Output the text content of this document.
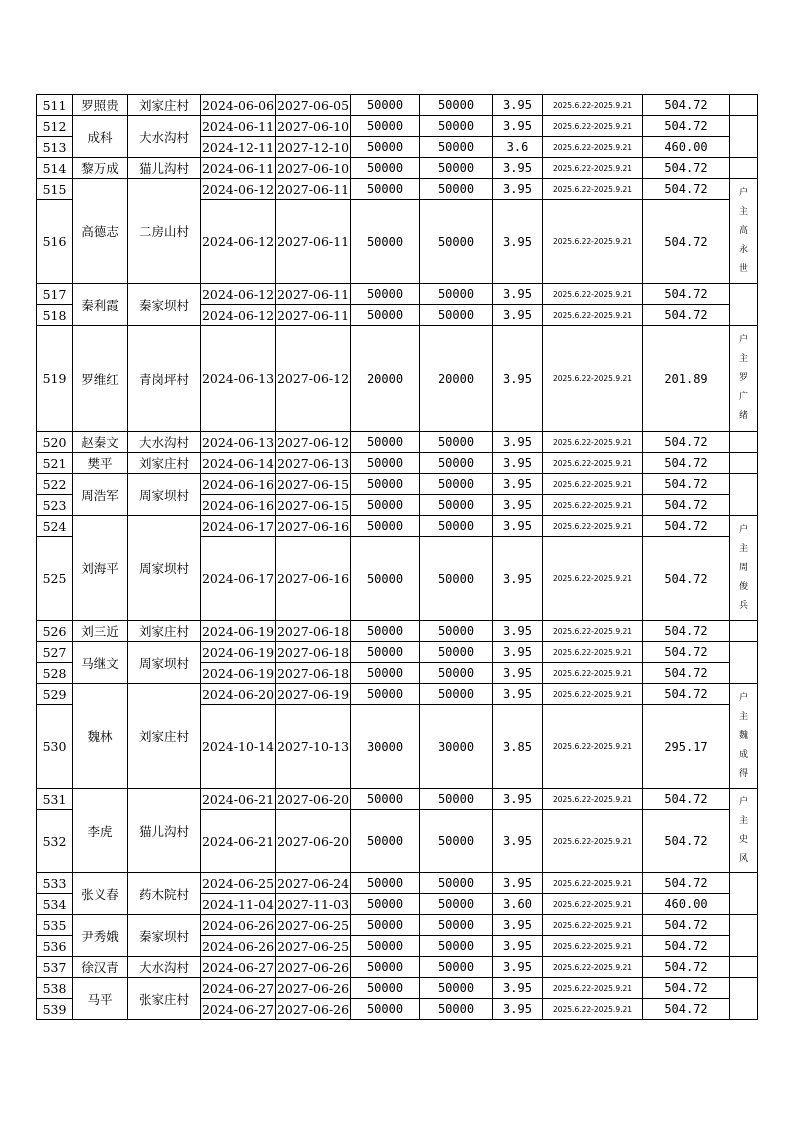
511	罗照贵	刘家庄村	2024-06-06	2027-06-05	50000	50000	3.95	2025.6.22-2025.9.21	504.72	
512	成科	大水沟村	2024-06-11	2027-06-10	50000	50000	3.95	2025.6.22-2025.9.21	504.72	
513			2024-12-11	2027-12-10	50000	50000	3.6	2025.6.22-2025.9.21	460.00	
514	黎万成	猫儿沟村	2024-06-11	2027-06-10	50000	50000	3.95	2025.6.22-2025.9.21	504.72	
515	高德志	二房山村	2024-06-12	2027-06-11	50000	50000	3.95	2025.6.22-2025.9.21	504.72	户
主
高
永
世

516			2024-06-12	2027-06-11	50000	50000	3.95	2025.6.22-2025.9.21	504.72	
517	秦利霞	秦家坝村	2024-06-12	2027-06-11	50000	50000	3.95	2025.6.22-2025.9.21	504.72	
518			2024-06-12	2027-06-11	50000	50000	3.95	2025.6.22-2025.9.21	504.72	
519	罗维红	青岗坪村	2024-06-13	2027-06-12	20000	20000	3.95	2025.6.22-2025.9.21	201.89	户
主
罗
广
绪

520	赵秦文	大水沟村	2024-06-13	2027-06-12	50000	50000	3.95	2025.6.22-2025.9.21	504.72	
521	樊平	刘家庄村	2024-06-14	2027-06-13	50000	50000	3.95	2025.6.22-2025.9.21	504.72	
522	周浩军	周家坝村	2024-06-16	2027-06-15	50000	50000	3.95	2025.6.22-2025.9.21	504.72	
523			2024-06-16	2027-06-15	50000	50000	3.95	2025.6.22-2025.9.21	504.72	
524	刘海平	周家坝村	2024-06-17	2027-06-16	50000	50000	3.95	2025.6.22-2025.9.21	504.72	户
主
周
俊
兵

525			2024-06-17	2027-06-16	50000	50000	3.95	2025.6.22-2025.9.21	504.72	
526	刘三近	刘家庄村	2024-06-19	2027-06-18	50000	50000	3.95	2025.6.22-2025.9.21	504.72	
527	马继文	周家坝村	2024-06-19	2027-06-18	50000	50000	3.95	2025.6.22-2025.9.21	504.72	
528			2024-06-19	2027-06-18	50000	50000	3.95	2025.6.22-2025.9.21	504.72	
529	魏林	刘家庄村	2024-06-20	2027-06-19	50000	50000	3.95	2025.6.22-2025.9.21	504.72	户
主
魏
成
得

530			2024-10-14	2027-10-13	30000	30000	3.85	2025.6.22-2025.9.21	295.17	
531	李虎	猫儿沟村	2024-06-21	2027-06-20	50000	50000	3.95	2025.6.22-2025.9.21	504.72	户
主
史
风

532			2024-06-21	2027-06-20	50000	50000	3.95	2025.6.22-2025.9.21	504.72	
533	张义春	药木院村	2024-06-25	2027-06-24	50000	50000	3.95	2025.6.22-2025.9.21	504.72	
534			2024-11-04	2027-11-03	50000	50000	3.60	2025.6.22-2025.9.21	460.00	
535	尹秀娥	秦家坝村	2024-06-26	2027-06-25	50000	50000	3.95	2025.6.22-2025.9.21	504.72	
536			2024-06-26	2027-06-25	50000	50000	3.95	2025.6.22-2025.9.21	504.72	
537	徐汉青	大水沟村	2024-06-27	2027-06-26	50000	50000	3.95	2025.6.22-2025.9.21	504.72	
538	马平	张家庄村	2024-06-27	2027-06-26	50000	50000	3.95	2025.6.22-2025.9.21	504.72	
539			2024-06-27	2027-06-26	50000	50000	3.95	2025.6.22-2025.9.21	504.72	
